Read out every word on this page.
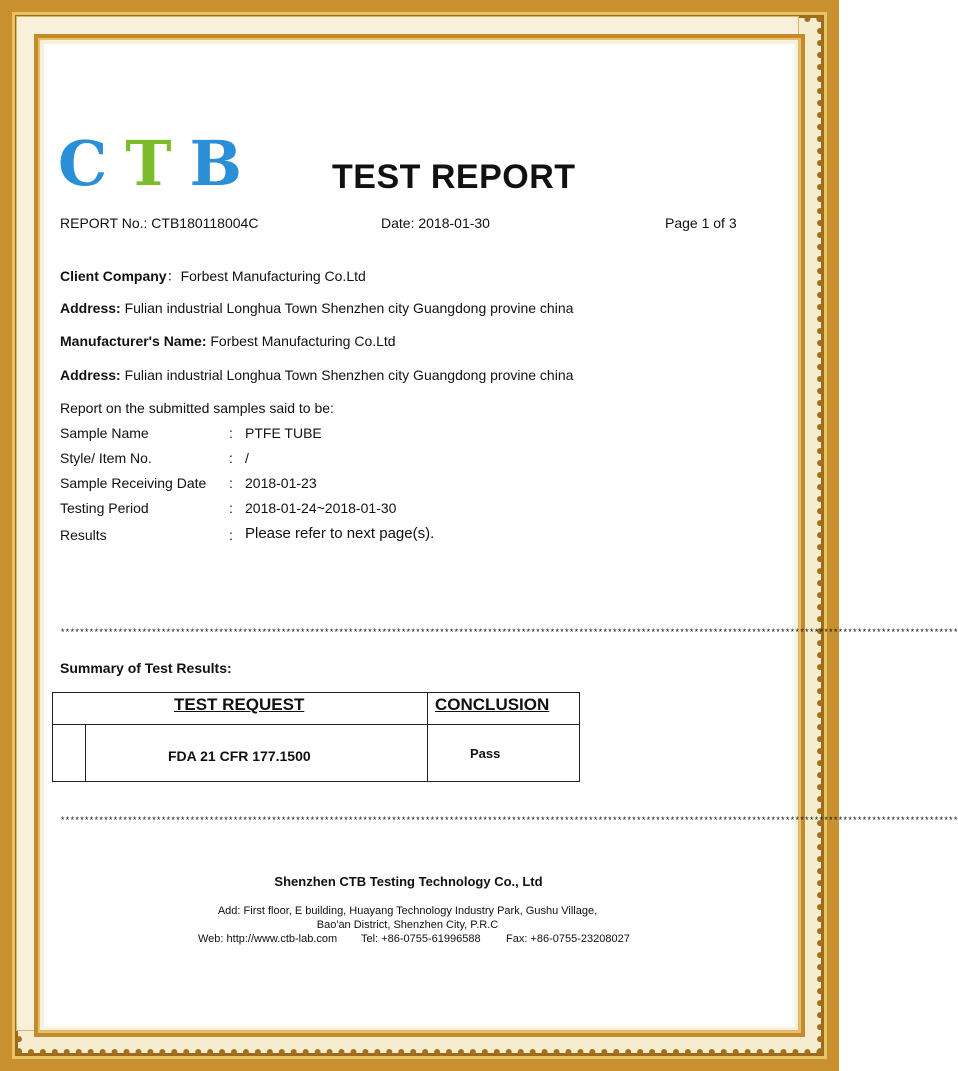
C T B	TEST REPORT
REPORT No.: CTB180118004C	Date: 2018-01-30	Page 1 of 3
Client Company：Forbest Manufacturing Co.Ltd
Address: Fulian industrial Longhua Town Shenzhen city Guangdong provine china
Manufacturer's Name: Forbest Manufacturing Co.Ltd
Address: Fulian industrial Longhua Town Shenzhen city Guangdong provine china
Report on the submitted samples said to be:
Sample Name	: PTFE TUBE
Style/ Item No.	: /
Sample Receiving Date : 2018-01-23
Testing Period	: 2018-01-24~2018-01-30
Results	: Please refer to next page(s).
*******************************************************************************************************************************************************************************************
Summary of Test Results:
TEST REQUEST	CONCLUSION
FDA 21 CFR 177.1500	Pass
*******************************************************************************************************************************************************************************************
Shenzhen CTB Testing Technology Co., Ltd
Add: First floor, E building, Huayang Technology Industry Park, Gushu Village,
Bao'an District, Shenzhen City, P.R.C
Web: http://www.ctb-lab.com Tel: +86-0755-61996588 Fax: +86-0755-23208027
